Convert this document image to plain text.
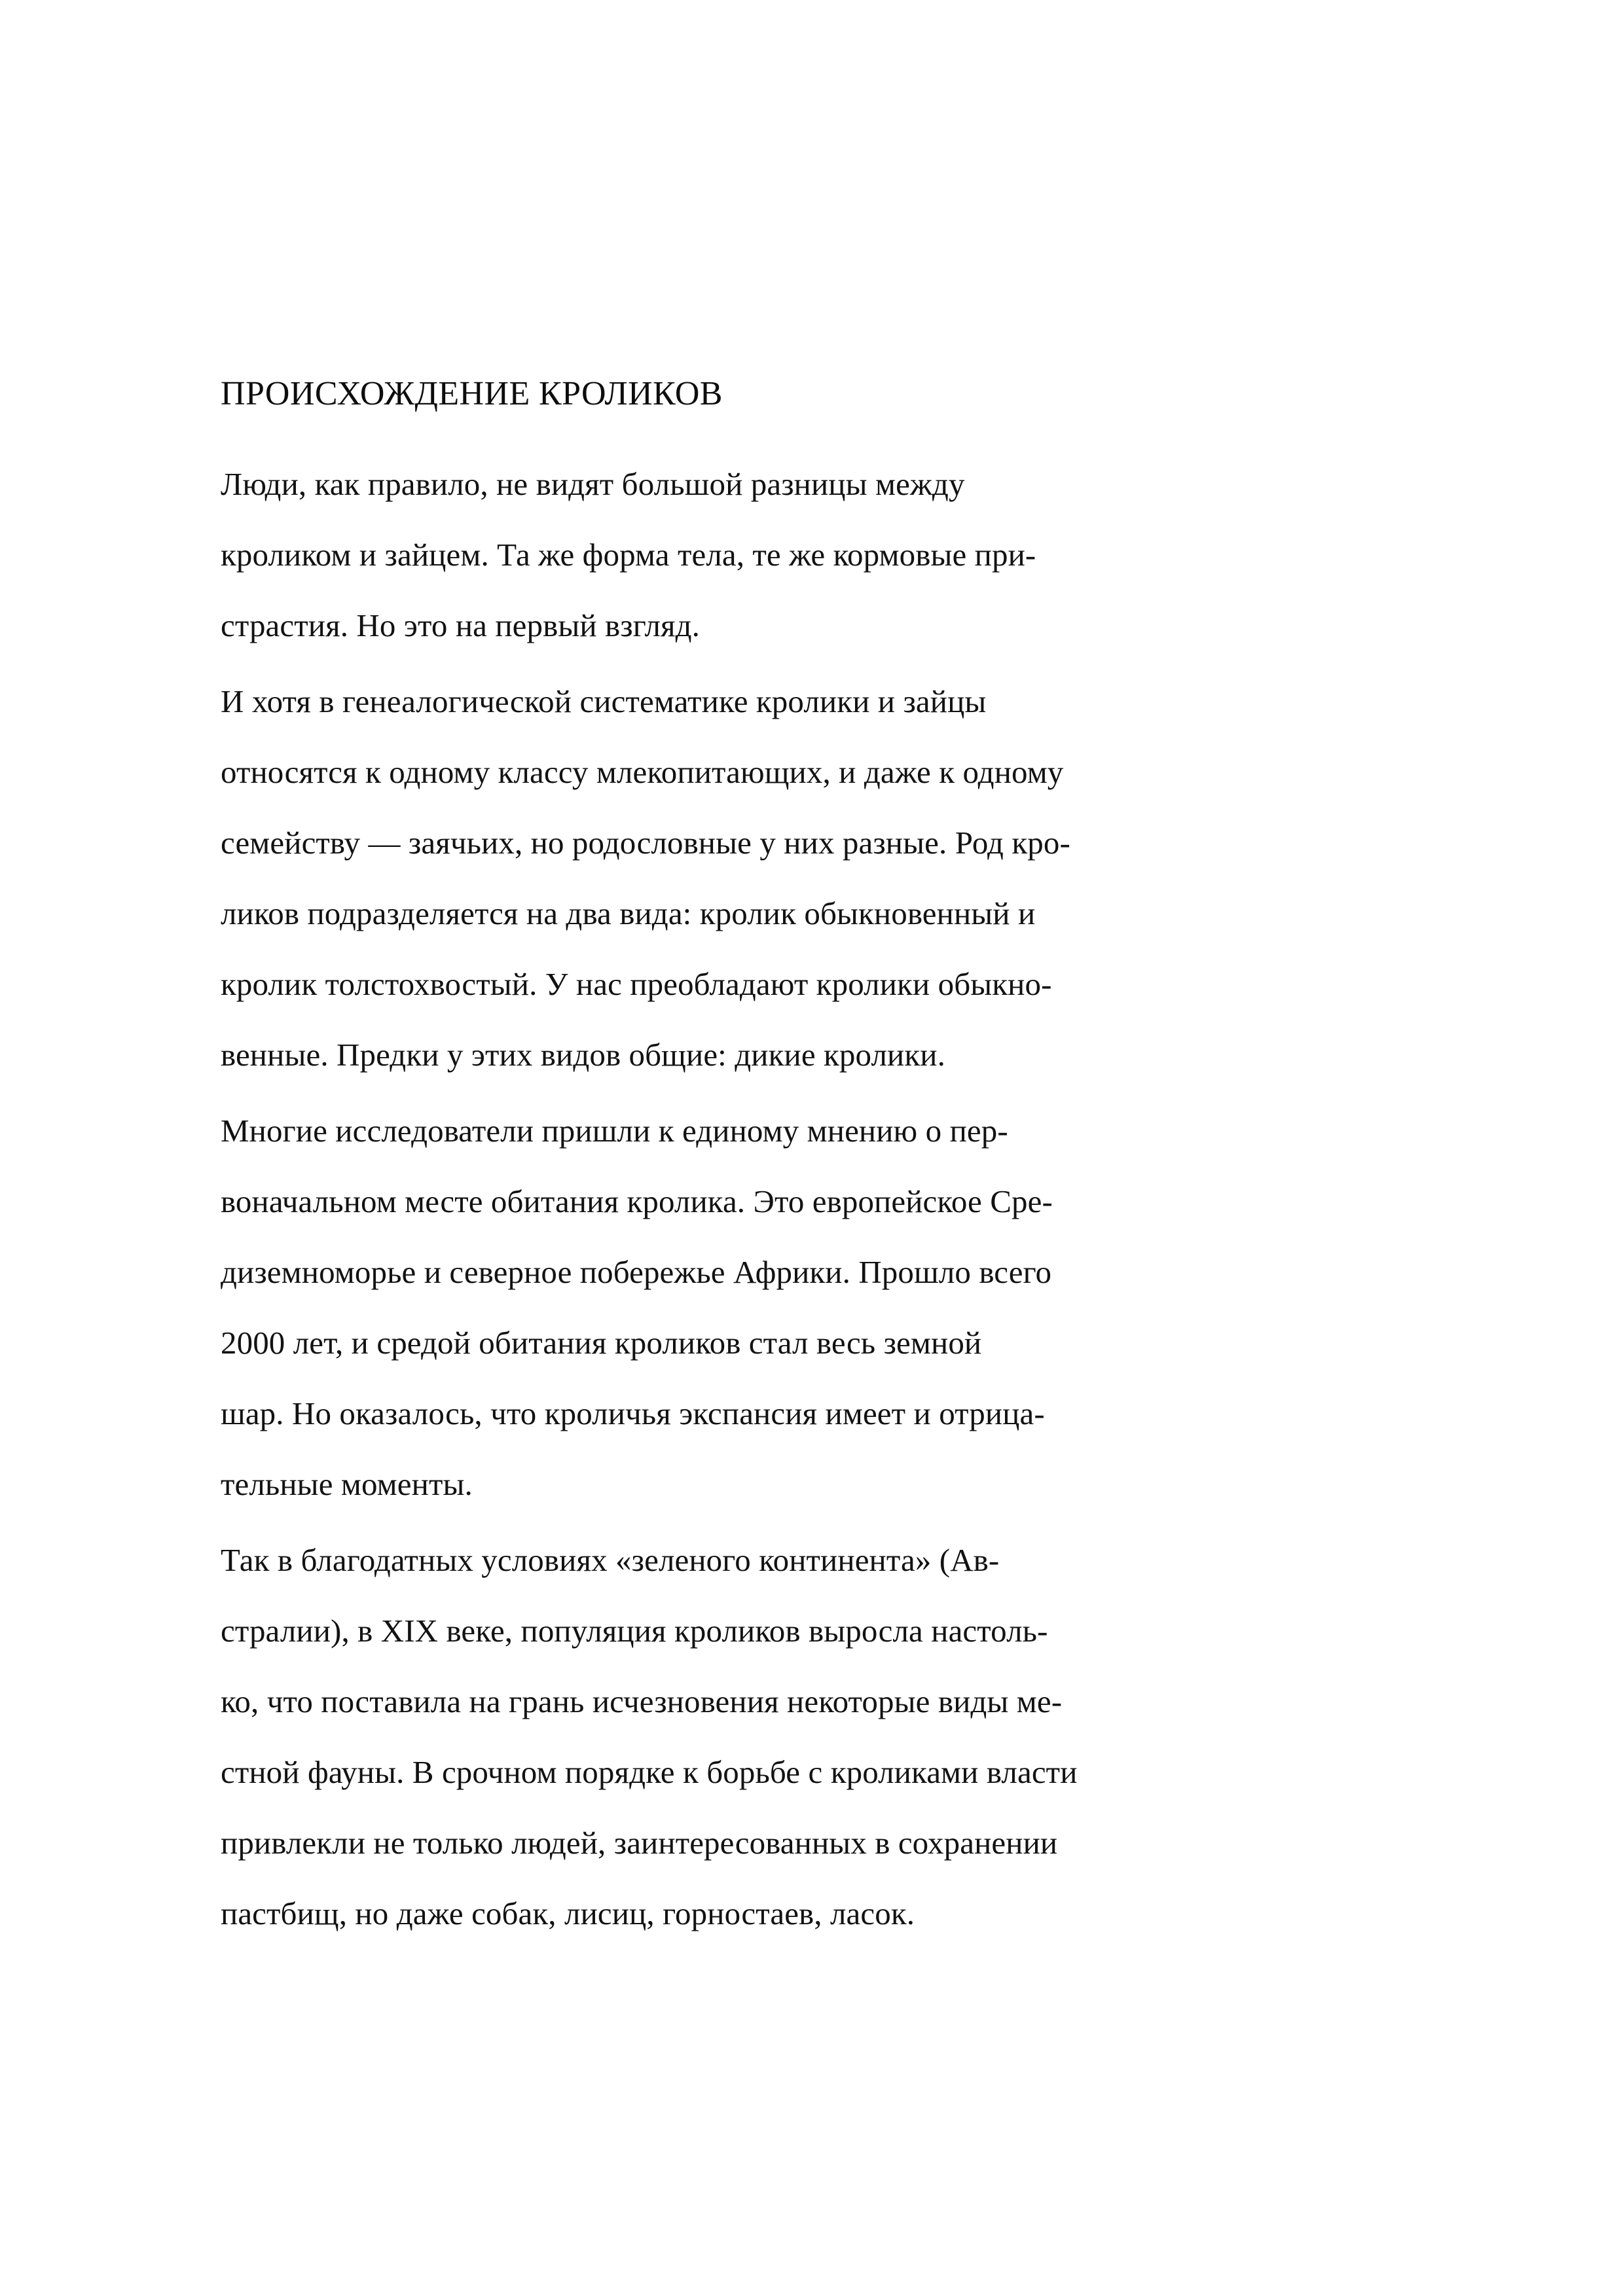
ПРОИСХОЖДЕНИЕ КРОЛИКОВ
Люди, как правило, не видят большой разницы между
кроликом и зайцем. Та же форма тела, те же кормовые при-
страстия. Но это на первый взгляд.
И хотя в генеалогической систематике кролики и зайцы
относятся к одному классу млекопитающих, и даже к одному
семейству — заячьих, но родословные у них разные. Род кро-
ликов подразделяется на два вида: кролик обыкновенный и
кролик толстохвостый. У нас преобладают кролики обыкно-
венные. Предки у этих видов общие: дикие кролики.
Многие исследователи пришли к единому мнению о пер-
воначальном месте обитания кролика. Это европейское Сре-
диземноморье и северное побережье Африки. Прошло всего
2000 лет, и средой обитания кроликов стал весь земной
шар. Но оказалось, что кроличья экспансия имеет и отрица-
тельные моменты.
Так в благодатных условиях «зеленого континента» (Ав-
стралии), в XIX веке, популяция кроликов выросла настоль-
ко, что поставила на грань исчезновения некоторые виды ме-
стной фауны. В срочном порядке к борьбе с кроликами власти
привлекли не только людей, заинтересованных в сохранении
пастбищ, но даже собак, лисиц, горностаев, ласок.
